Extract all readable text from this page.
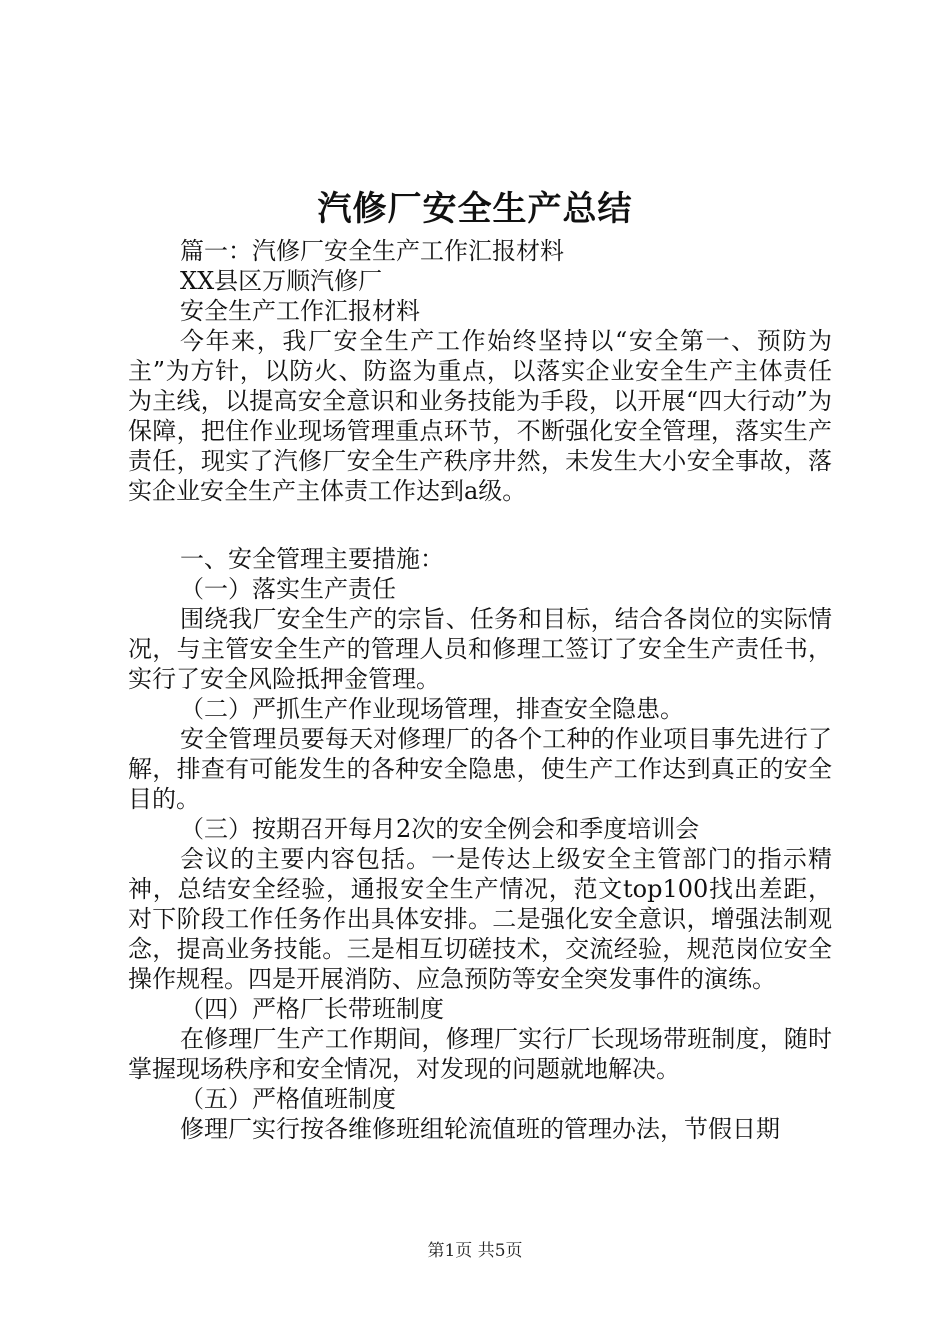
汽修厂安全生产总结

篇一：汽修厂安全生产工作汇报材料

XX县区万顺汽修厂

安全生产工作汇报材料

今年来，我厂安全生产工作始终坚持以“安全第一、预防为主”为方针，以防火、防盗为重点，以落实企业安全生产主体责任为主线，以提高安全意识和业务技能为手段，以开展“四大行动”为保障，把住作业现场管理重点环节，不断强化安全管理，落实生产责任，现实了汽修厂安全生产秩序井然，未发生大小安全事故，落实企业安全生产主体责工作达到a级。

一、安全管理主要措施：

（一）落实生产责任

围绕我厂安全生产的宗旨、任务和目标，结合各岗位的实际情况，与主管安全生产的管理人员和修理工签订了安全生产责任书，实行了安全风险抵押金管理。

（二）严抓生产作业现场管理，排查安全隐患。

安全管理员要每天对修理厂的各个工种的作业项目事先进行了解，排查有可能发生的各种安全隐患，使生产工作达到真正的安全目的。

（三）按期召开每月2次的安全例会和季度培训会

会议的主要内容包括。一是传达上级安全主管部门的指示精神，总结安全经验，通报安全生产情况，范文top100找出差距，对下阶段工作任务作出具体安排。二是强化安全意识，增强法制观念，提高业务技能。三是相互切磋技术，交流经验，规范岗位安全操作规程。四是开展消防、应急预防等安全突发事件的演练。

（四）严格厂长带班制度

在修理厂生产工作期间，修理厂实行厂长现场带班制度，随时掌握现场秩序和安全情况，对发现的问题就地解决。

（五）严格值班制度

修理厂实行按各维修班组轮流值班的管理办法，节假日期

第1页 共5页
